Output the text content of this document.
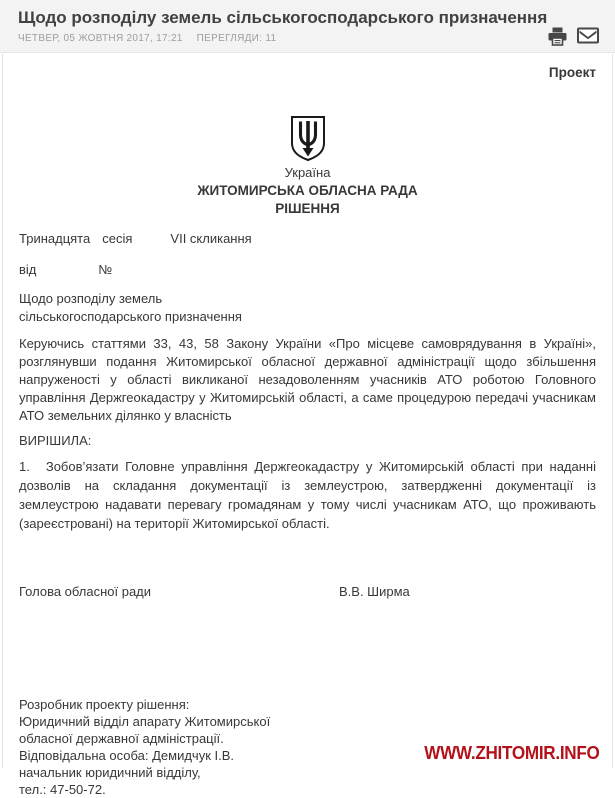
Щодо розподілу земель сільськогосподарського призначення
ЧЕТВЕР, 05 ЖОВТНЯ 2017, 17:21 ПЕРЕГЛЯДИ: 11
Проект
Україна
ЖИТОМИРСЬКА ОБЛАСНА РАДА
РІШЕННЯ
Тринадцята сесія	VII скликання
від	№
Щодо розподілу земель
сільськогосподарського призначення

Керуючись статтями 33, 43, 58 Закону України «Про місцеве самоврядування в Україні», розглянувши подання Житомирської обласної державної адміністрації щодо збільшення напруженості у області викликаної незадоволенням учасників АТО роботою Головного управління Держгеокадастру у Житомирській області, а саме процедурою передачі учасникам АТО земельних ділянко у власність

ВИРІШИЛА:

1. Зобов’язати Головне управління Держгеокадастру у Житомирській області при наданні дозволів на складання документації із землеустрою, затвердженні документації із землеустрою надавати перевагу громадянам у тому числі учасникам АТО, що проживають (зареєстровані) на території Житомирської області.

Голова обласної ради	В.В. Ширма
Розробник проекту рішення:
Юридичний відділ апарату Житомирської
обласної державної адміністрації.
Відповідальна особа: Демидчук І.В.
начальник юридичний відділу,
тел.: 47-50-72.
WWW.ZHITOMIR.INFO
